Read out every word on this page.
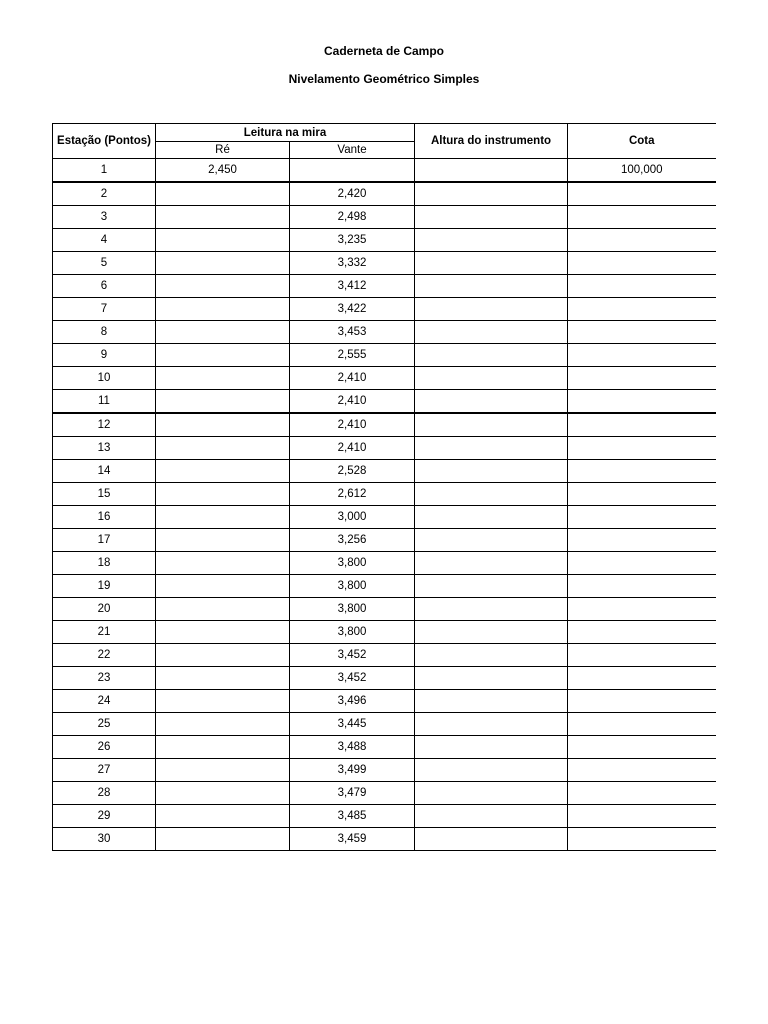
Caderneta de Campo
Nivelamento Geométrico Simples
Estação (Pontos)	Leitura na mira		Altura do instrumento	Cota
	Ré	Vante		
1	2,450			100,000
2		2,420		
3		2,498		
4		3,235		
5		3,332		
6		3,412		
7		3,422		
8		3,453		
9		2,555		
10		2,410		
11		2,410		
12		2,410		
13		2,410		
14		2,528		
15		2,612		
16		3,000		
17		3,256		
18		3,800		
19		3,800		
20		3,800		
21		3,800		
22		3,452		
23		3,452		
24		3,496		
25		3,445		
26		3,488		
27		3,499		
28		3,479		
29		3,485		
30		3,459		
